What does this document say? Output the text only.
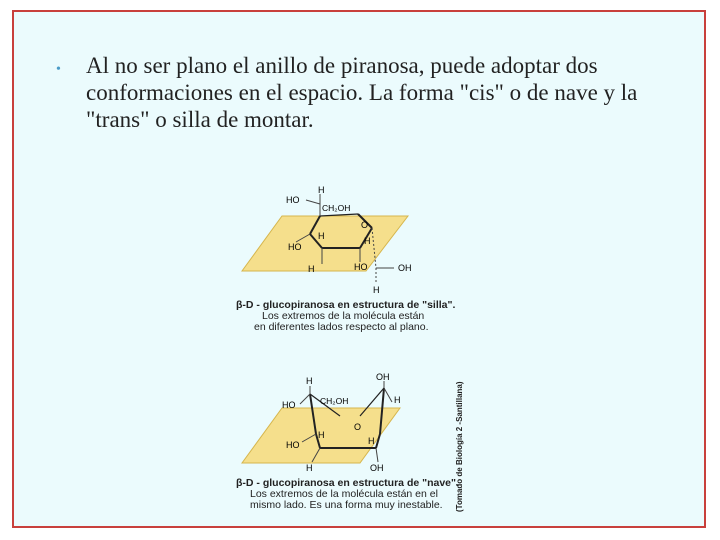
• Al no ser plano el anillo de piranosa, puede adoptar dos conformaciones en el espacio. La forma "cis" o de nave y la "trans" o silla de montar.
H
HO
CH₂OH
O
H	H
HO
H	HO	OH
H
H	OH
HO	CH₂OH	H
H
O
H
HO
H	OH
β-D - glucopiranosa en estructura de "silla".
Los extremos de la molécula están
en diferentes lados respecto al plano.
β-D - glucopiranosa en estructura de "nave".
Los extremos de la molécula están en el
mismo lado. Es una forma muy inestable.	(Tomado de Biología 2 -Santillana)
